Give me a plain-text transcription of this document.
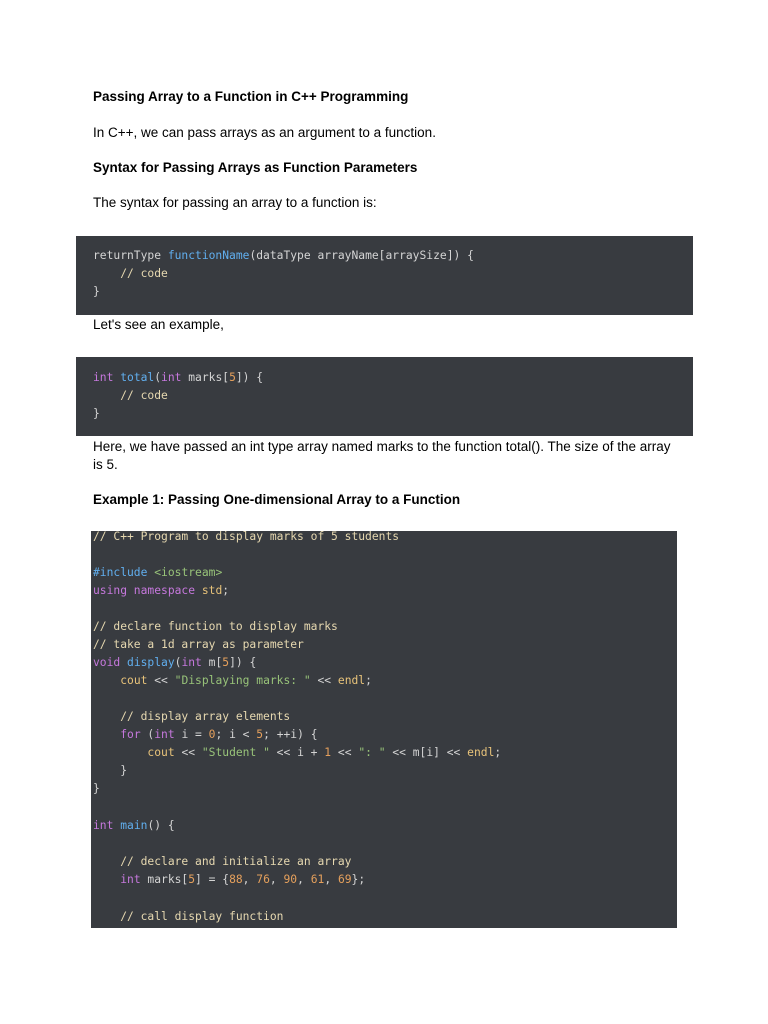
Passing Array to a Function in C++ Programming
In C++, we can pass arrays as an argument to a function.
Syntax for Passing Arrays as Function Parameters
The syntax for passing an array to a function is:
returnType functionName(dataType arrayName[arraySize]) {
// code
}
Let's see an example,
int total(int marks[5]) {
// code
}
Here, we have passed an int type array named marks to the function total(). The size of the array is 5.
Example 1: Passing One-dimensional Array to a Function
// C++ Program to display marks of 5 students
#include <iostream>
using namespace std;
// declare function to display marks
// take a 1d array as parameter
void display(int m[5]) {
cout << "Displaying marks: " << endl;
// display array elements
for (int i = 0; i < 5; ++i) {
cout << "Student " << i + 1 << ": " << m[i] << endl;
}
}
int main() {
// declare and initialize an array
int marks[5] = {88, 76, 90, 61, 69};
// call display function
